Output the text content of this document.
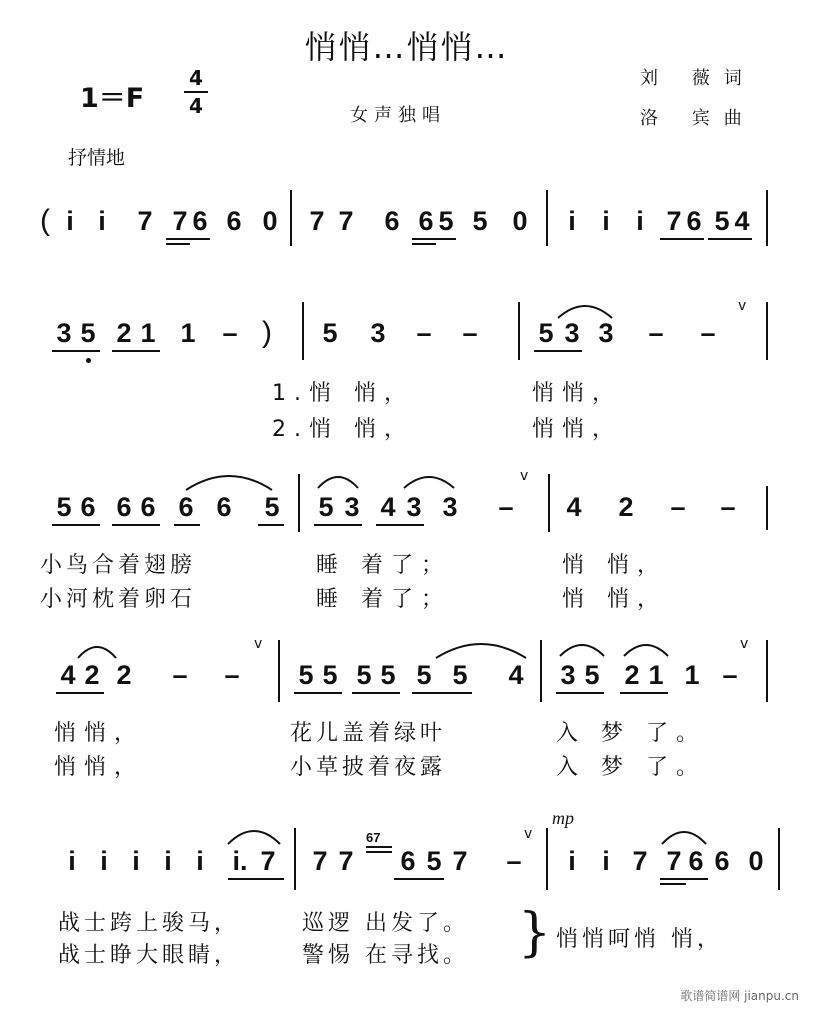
悄悄…悄悄…
1＝F
4
4	女声独唱
刘 薇词
洛 宾曲
抒情地
( i i	7 7 6 6 0 7 7 6 6 5 5 0	i i i 7 6 5 4
3 5 2 1 1 – ) 5 3 – – 5 3 3 – –
v
1.悄 悄，	悄悄，
2.悄 悄，	悄悄，
5 6 6 6 6 6 5 5 3 4 3 3 –
v
4 2 – –
小鸟合着翅膀	睡 着了；	悄 悄，
小河枕着卵石	睡 着了；	悄 悄，
4 2 2 – –
v
5 5 5 5 5 5 4 3 5 2 1 1 –
v
悄悄，	花儿盖着绿叶	入 梦 了。
悄悄，	小草披着夜露	入 梦 了。
mp
i i i i i	i. 7 7 7
67
6 5 7 –
v
i i 7 7 6 6 0
战士跨上骏马，	巡逻 出发了。
战士睁大眼睛，	警惕 在寻找。 } 悄悄呵悄 悄，
歌谱简谱网 jianpu.cn
